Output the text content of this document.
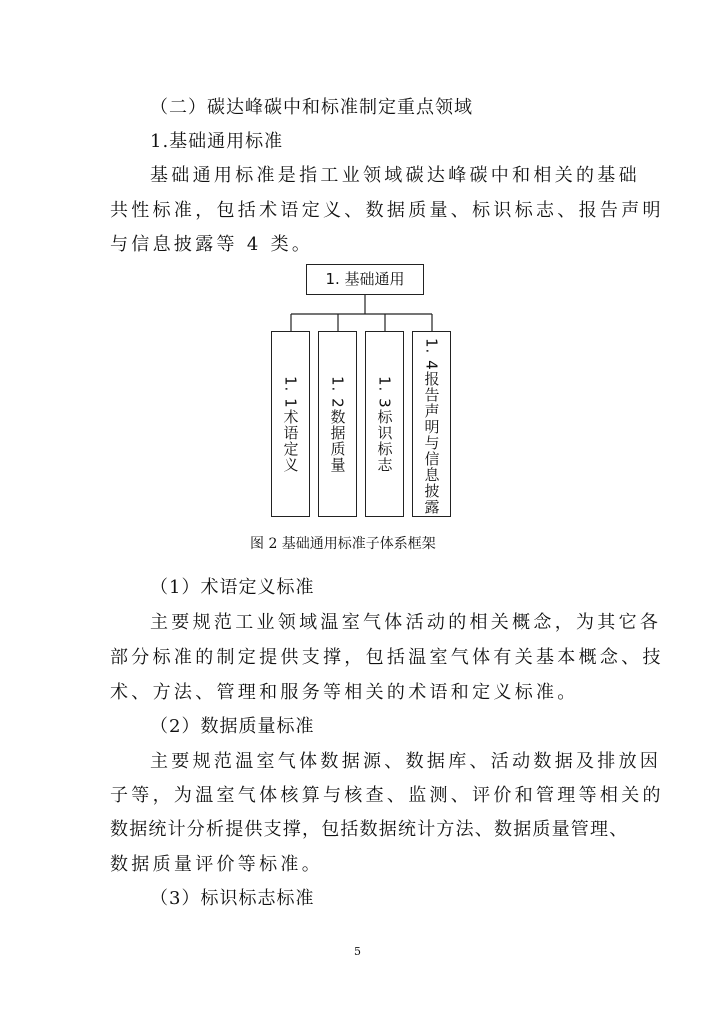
（二）碳达峰碳中和标准制定重点领域
1.基础通用标准
基础通用标准是指工业领域碳达峰碳中和相关的基础
共性标准，包括术语定义、数据质量、标识标志、报告声明
与信息披露等 4 类。
1. 基础通用
1. 1术语定义 1. 2数据质量 1. 3标识标志 1. 4报告声明与信息披露
图 2 基础通用标准子体系框架
（1）术语定义标准
主要规范工业领域温室气体活动的相关概念，为其它各
部分标准的制定提供支撑，包括温室气体有关基本概念、技
术、方法、管理和服务等相关的术语和定义标准。
（2）数据质量标准
主要规范温室气体数据源、数据库、活动数据及排放因
子等，为温室气体核算与核查、监测、评价和管理等相关的
数据统计分析提供支撑，包括数据统计方法、数据质量管理、
数据质量评价等标准。
（3）标识标志标准
5
